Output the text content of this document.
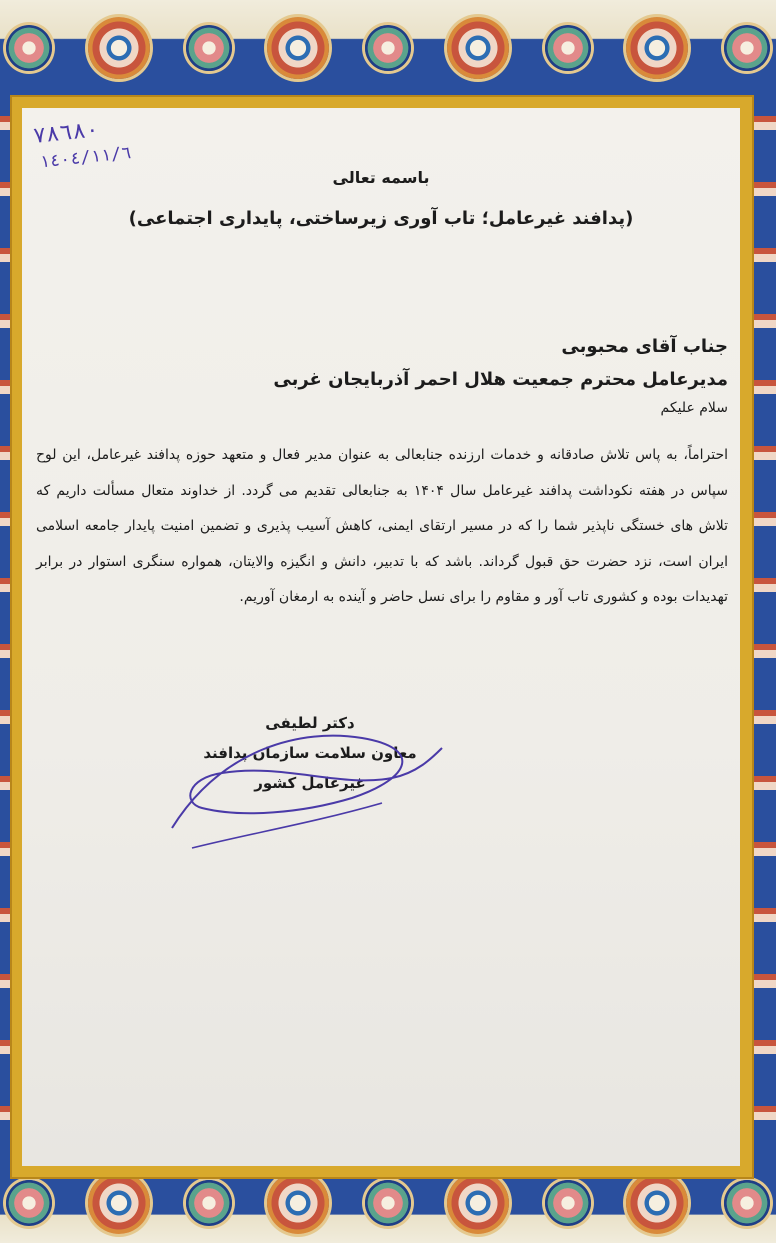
٧٨٦٨٠
١٤٠٤/١١/٦
باسمه تعالی
(پدافند غیرعامل؛ تاب آوری زیرساختی، پایداری اجتماعی)
جناب آقای محبوبی
مدیرعامل محترم جمعیت هلال احمر آذربایجان غربی
سلام علیکم
احتراماً، به پاس تلاش صادقانه و خدمات ارزنده جنابعالی به عنوان مدیر فعال و متعهد حوزه پدافند غیرعامل، این لوح سپاس در هفته نکوداشت پدافند غیرعامل سال ۱۴۰۴ به جنابعالی تقدیم می گردد. از خداوند متعال مسألت داریم که تلاش های خستگی ناپذیر شما را که در مسیر ارتقای ایمنی، کاهش آسیب پذیری و تضمین امنیت پایدار جامعه اسلامی ایران است، نزد حضرت حق قبول گرداند. باشد که با تدبیر، دانش و انگیزه والایتان، همواره سنگری استوار در برابر تهدیدات بوده و کشوری تاب آور و مقاوم را برای نسل حاضر و آینده به ارمغان آوریم.
دکتر لطیفی
معاون سلامت سازمان پدافند
غیرعامل کشور
